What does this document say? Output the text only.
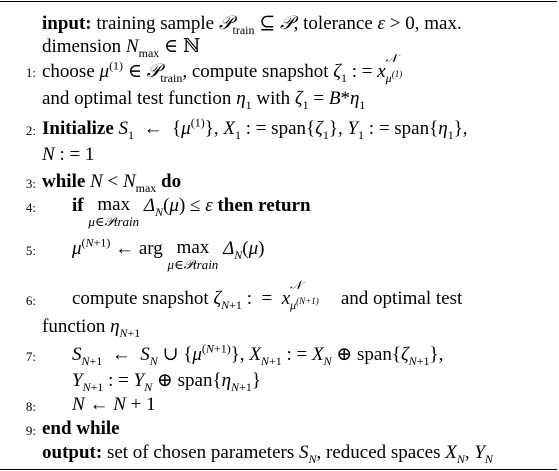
input: training sample 𝒫$_{train}$ ⊆ 𝒫, tolerance ε > 0, max.
dimension $N_{max}$ ∈ ℕ
1: choose $\mu^{(1)}$ ∈ 𝒫$_{train}$, compute snapshot $\zeta_1$ : = x
𝒩
$\mu^{(1)}$

and optimal test function $\eta_1$ with $\zeta_1 = B*\eta_1$
2: Initialize $S_1$  ←  $\{\mu^{(1)}\}$, $X_1$ : = $span\{\zeta_1\}$, $Y_1$ : = $span\{\eta_1\}$,
N : = 1
3: while $N < N_{max}$ do
4: if max
μ∈𝒫train
$\Delta_N(\mu) \le \varepsilon$ then return
5: $\mu^{(N+1)}$ ← arg max
μ∈𝒫train
$\Delta_N(\mu)$
6: compute snapshot $\zeta_{N+1}$ :  =  x
𝒩
$\mu^{(N+1)}$ and optimal test
function $\eta_{N+1}$
7: $S_{N+1}$  ←  $S_N$ ∪ $\{\mu^{(N+1)}\}$, $X_{N+1}$ : = $X_N$ ⊕ $span\{\zeta_{N+1}\}$,
$Y_{N+1}$ : = $Y_N$ ⊕ $span\{\eta_{N+1}\}$
8: N ← N + 1
9: end while
output: set of chosen parameters $S_N$, reduced spaces $X_N$, $Y_N$
